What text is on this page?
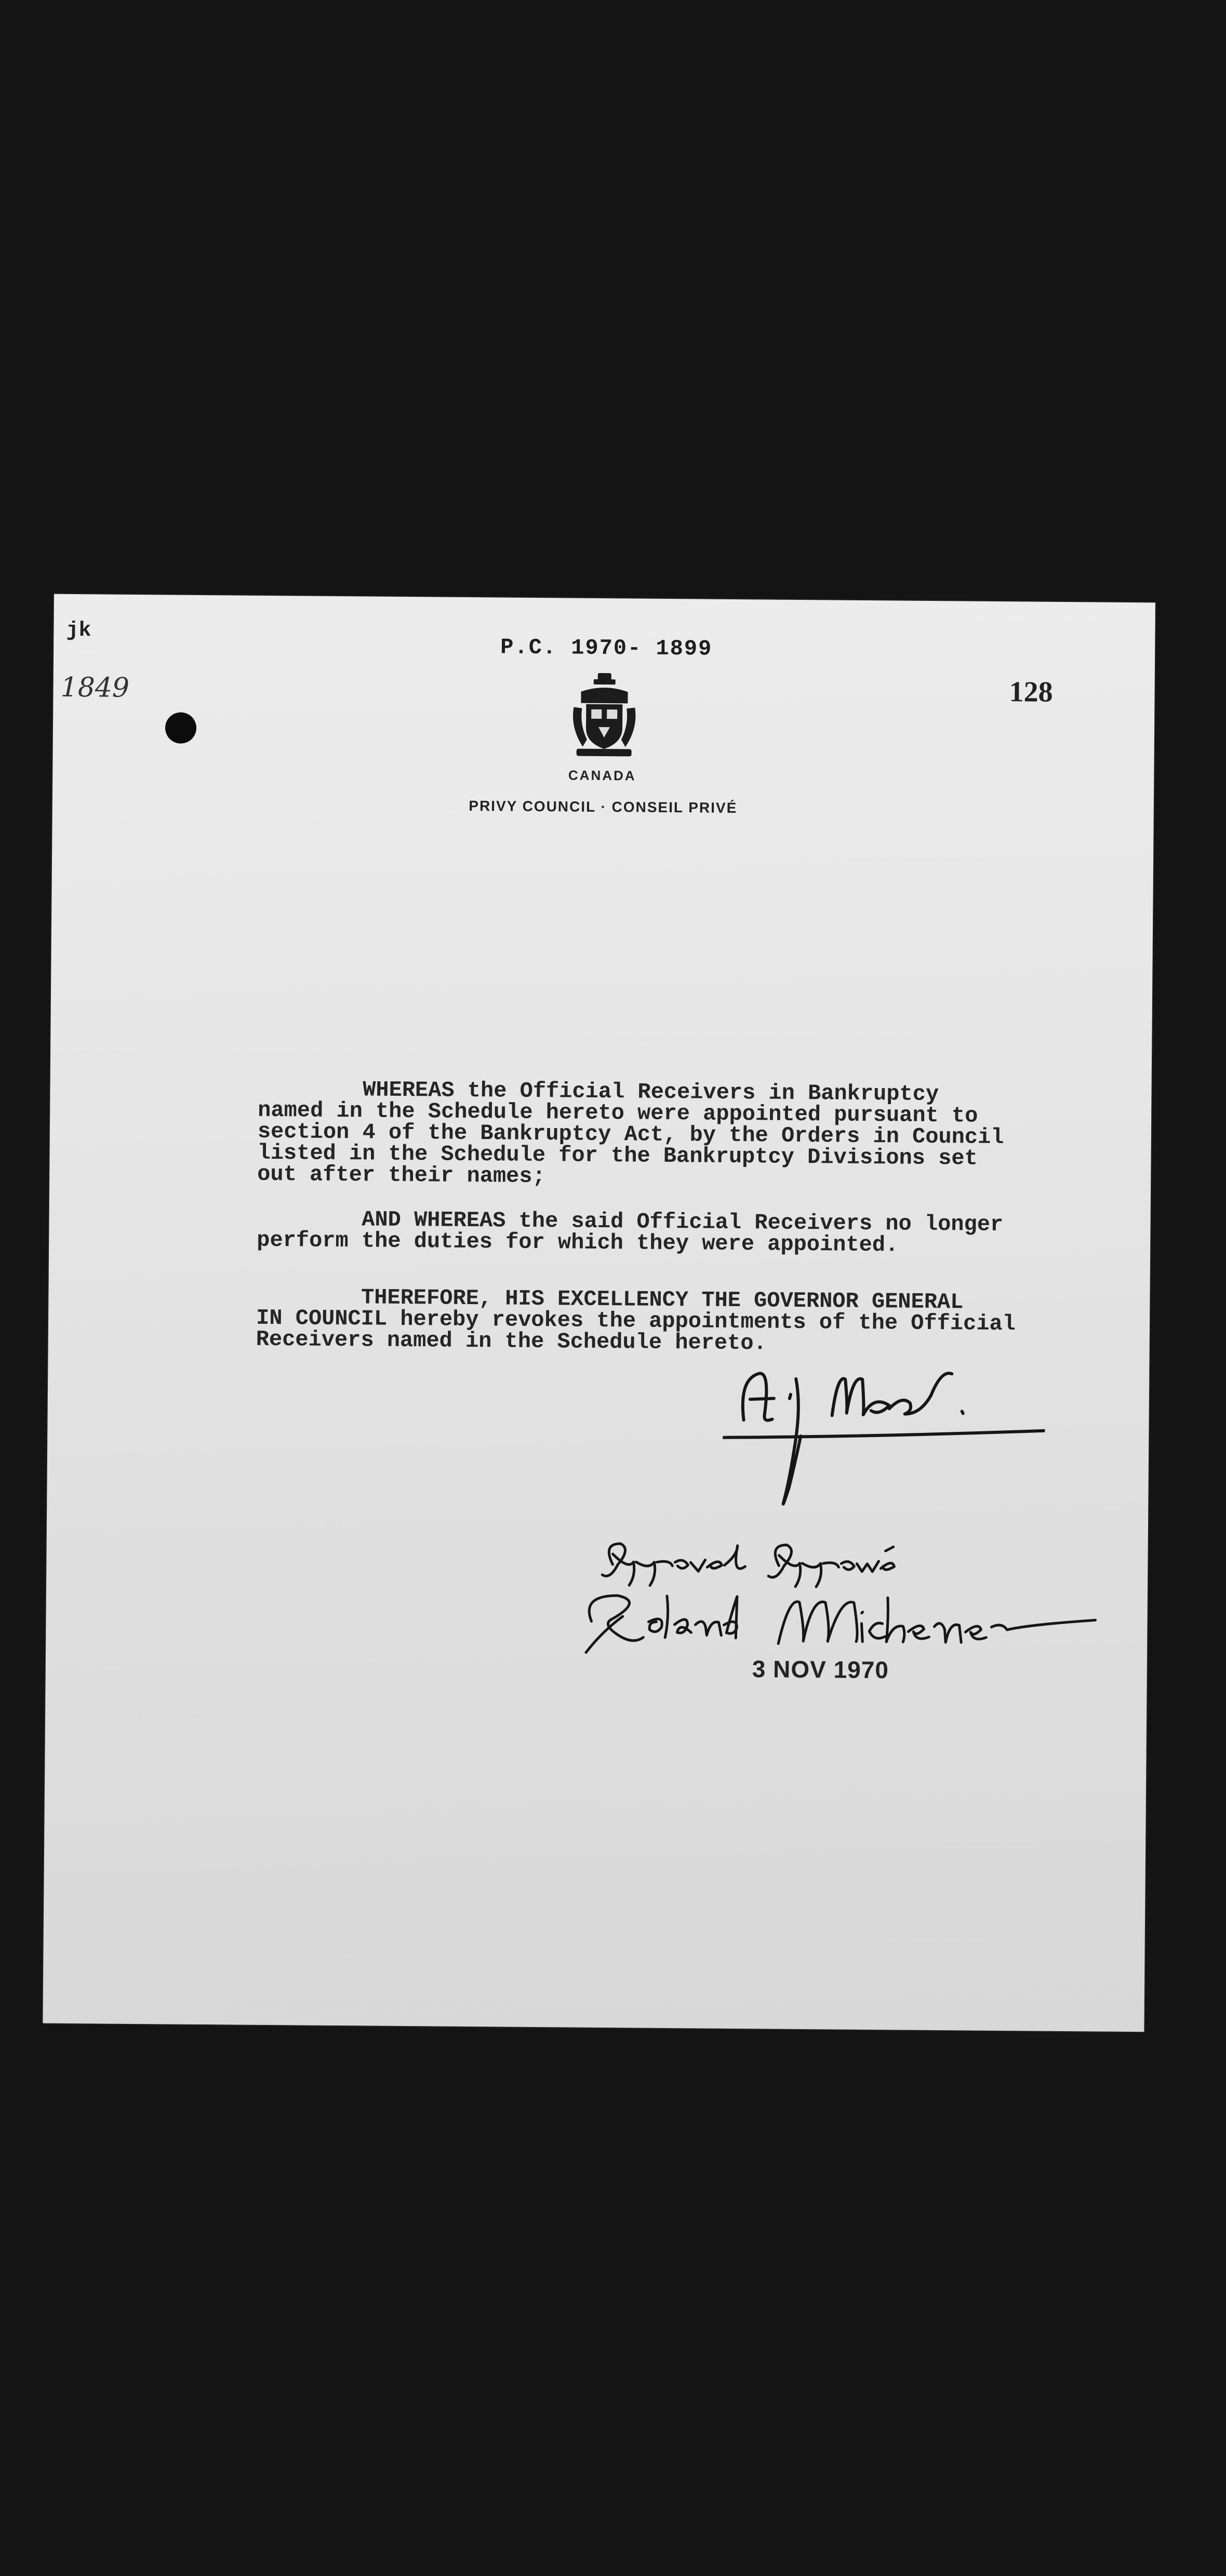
jk
1849
P.C. 1970- 1899
128
CANADA
PRIVY COUNCIL · CONSEIL PRIVÉ
WHEREAS the Official Receivers in Bankruptcy
named in the Schedule hereto were appointed pursuant to
section 4 of the Bankruptcy Act, by the Orders in Council
listed in the Schedule for the Bankruptcy Divisions set
out after their names;
AND WHEREAS the said Official Receivers no longer
perform the duties for which they were appointed.
THEREFORE, HIS EXCELLENCY THE GOVERNOR GENERAL
IN COUNCIL hereby revokes the appointments of the Official
Receivers named in the Schedule hereto.
3 NOV 1970
